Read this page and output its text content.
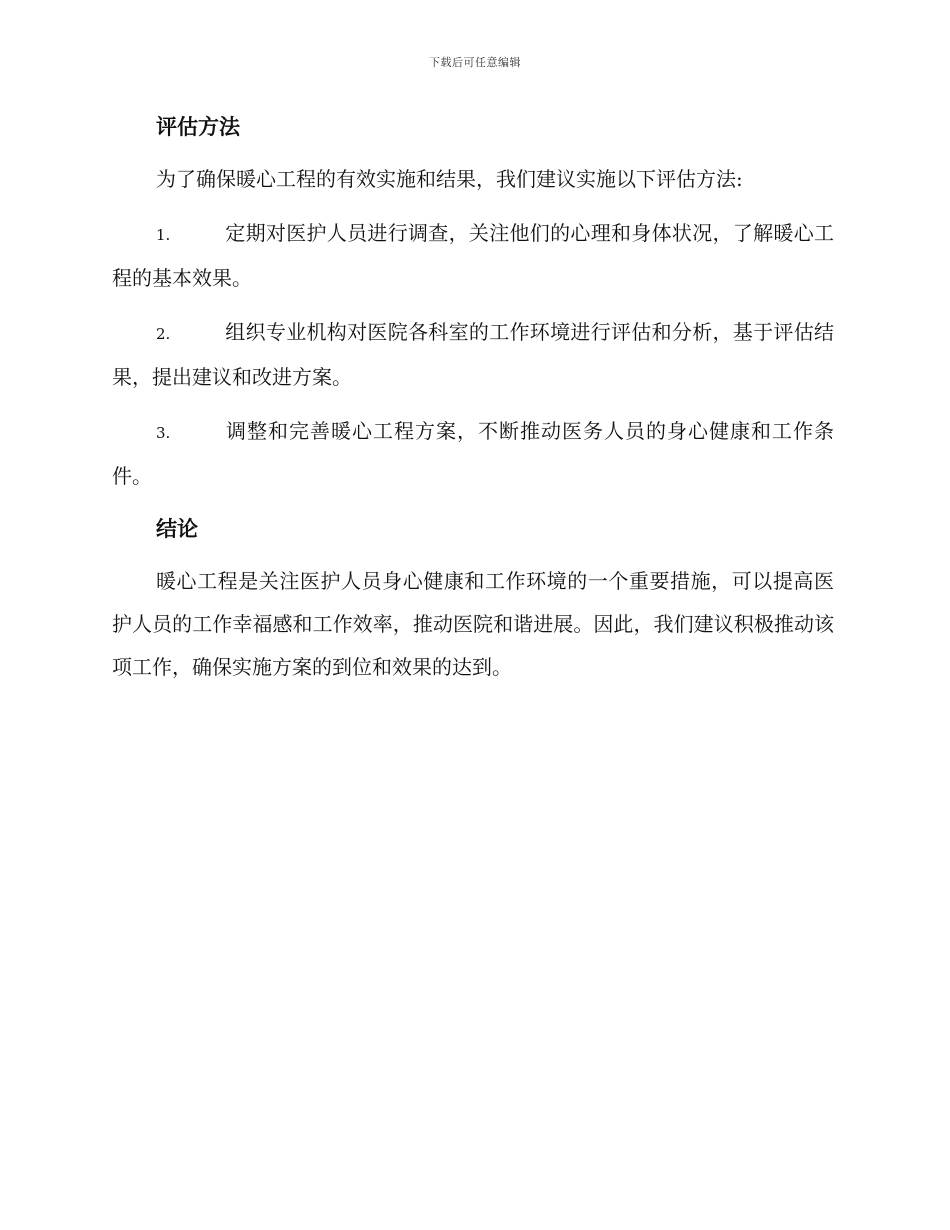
下载后可任意编辑
评估方法

为了确保暖心工程的有效实施和结果，我们建议实施以下评估方法:

1.	定期对医护人员进行调查，关注他们的心理和身体状况，了解暖心工程的基本效果。

2.	组织专业机构对医院各科室的工作环境进行评估和分析，基于评估结果，提出建议和改进方案。

3.	调整和完善暖心工程方案，不断推动医务人员的身心健康和工作条件。

结论

暖心工程是关注医护人员身心健康和工作环境的一个重要措施，可以提高医护人员的工作幸福感和工作效率，推动医院和谐进展。因此，我们建议积极推动该项工作，确保实施方案的到位和效果的达到。
